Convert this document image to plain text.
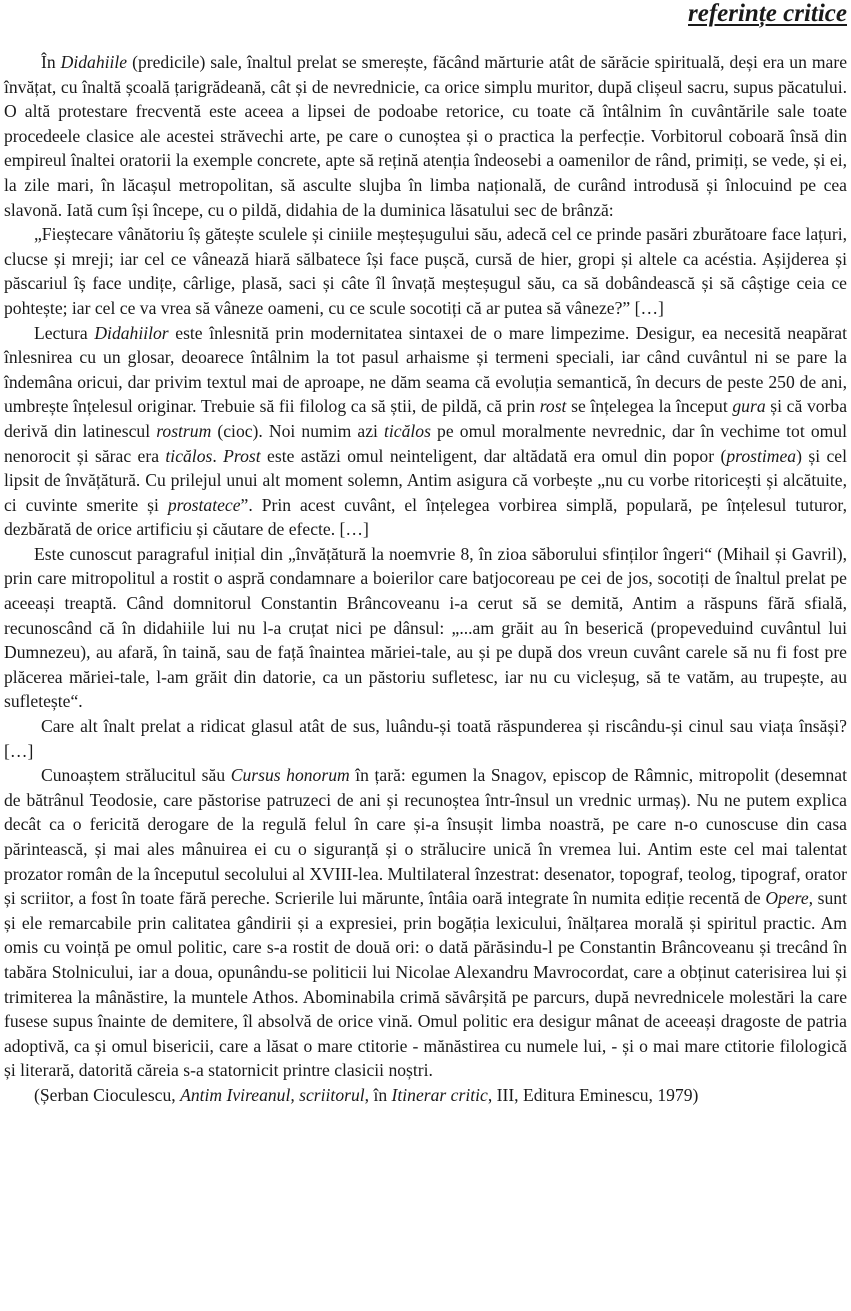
referințe critice

În Didahiile (predicile) sale, înaltul prelat se smerește, făcând mărturie atât de sărăcie spirituală, deși era un mare învățat, cu înaltă școală țarigrădeană, cât și de nevrednicie, ca orice simplu muritor, după clișeul sacru, supus păcatului. O altă protestare frecventă este aceea a lipsei de podoabe retorice, cu toate că întâlnim în cuvântările sale toate procedeele clasice ale acestei străvechi arte, pe care o cunoștea și o practica la perfecție. Vorbitorul coboară însă din empireul înaltei oratorii la exemple concrete, apte să rețină atenția îndeosebi a oamenilor de rând, primiți, se vede, și ei, la zile mari, în lăcașul metropolitan, să asculte slujba în limba națională, de curând introdusă și înlocuind pe cea slavonă. Iată cum își începe, cu o pildă, didahia de la duminica lăsatului sec de brânză:

„Fieștecare vânătoriu îș gătește sculele și ciniile meșteșugului său, adecă cel ce prinde pasări zburătoare face lațuri, clucse și mreji; iar cel ce vânează hiară sălbatece își face pușcă, cursă de hier, gropi și altele ca acéstia. Așijderea și păscariul îș face undițe, cârlige, plasă, saci și câte îl învață meșteșugul său, ca să dobândească și să câștige ceia ce pohtește; iar cel ce va vrea să vâneze oameni, cu ce scule socotiți că ar putea să vâneze?” […]

Lectura Didahiilor este înlesnită prin modernitatea sintaxei de o mare limpezime. Desigur, ea necesită neapărat înlesnirea cu un glosar, deoarece întâlnim la tot pasul arhaisme și termeni speciali, iar când cuvântul ni se pare la îndemâna oricui, dar privim textul mai de aproape, ne dăm seama că evoluția semantică, în decurs de peste 250 de ani, umbrește înțelesul originar. Trebuie să fii filolog ca să știi, de pildă, că prin rost se înțelegea la început gura și că vorba derivă din latinescul rostrum (cioc). Noi numim azi ticălos pe omul moralmente nevrednic, dar în vechime tot omul nenorocit și sărac era ticălos. Prost este astăzi omul neinteligent, dar altădată era omul din popor (prostimea) și cel lipsit de învățătură. Cu prilejul unui alt moment solemn, Antim asigura că vorbește „nu cu vorbe ritoricești și alcătuite, ci cuvinte smerite și prostatece”. Prin acest cuvânt, el înțelegea vorbirea simplă, populară, pe înțelesul tuturor, dezbărată de orice artificiu și căutare de efecte. […]

Este cunoscut paragraful inițial din „învățătură la noemvrie 8, în zioa săborului sfinților îngeri“ (Mihail și Gavril), prin care mitropolitul a rostit o aspră condamnare a boierilor care batjocoreau pe cei de jos, socotiți de înaltul prelat pe aceeași treaptă. Când domnitorul Constantin Brâncoveanu i-a cerut să se demită, Antim a răspuns fără sfială, recunoscând că în didahiile lui nu l-a cruțat nici pe dânsul: „...am grăit au în beserică (propeveduind cuvântul lui Dumnezeu), au afară, în taină, sau de față înaintea măriei-tale, au și pe după dos vreun cuvânt carele să nu fi fost pre plăcerea măriei-tale, l-am grăit din datorie, ca un păstoriu sufletesc, iar nu cu vicleșug, să te vatăm, au trupește, au sufletește“.

Care alt înalt prelat a ridicat glasul atât de sus, luându-și toată răspunderea și riscându-și cinul sau viața însăși? […]

Cunoaștem strălucitul său Cursus honorum în țară: egumen la Snagov, episcop de Râmnic, mitropolit (desemnat de bătrânul Teodosie, care păstorise patruzeci de ani și recunoștea într-însul un vrednic urmaș). Nu ne putem explica decât ca o fericită derogare de la regulă felul în care și-a însușit limba noastră, pe care n-o cunoscuse din casa părintească, și mai ales mânuirea ei cu o siguranță și o strălucire unică în vremea lui. Antim este cel mai talentat prozator român de la începutul secolului al XVIII-lea. Multilateral înzestrat: desenator, topograf, teolog, tipograf, orator și scriitor, a fost în toate fără pereche. Scrierile lui mărunte, întâia oară integrate în numita ediție recentă de Opere, sunt și ele remarcabile prin calitatea gândirii și a expresiei, prin bogăția lexicului, înălțarea morală și spiritul practic. Am omis cu voință pe omul politic, care s-a rostit de două ori: o dată părăsindu-l pe Constantin Brâncoveanu și trecând în tabăra Stolnicului, iar a doua, opunându-se politicii lui Nicolae Alexandru Mavrocordat, care a obținut caterisirea lui și trimiterea la mânăstire, la muntele Athos. Abominabila crimă săvârșită pe parcurs, după nevrednicele molestări la care fusese supus înainte de demitere, îl absolvă de orice vină. Omul politic era desigur mânat de aceeași dragoste de patria adoptivă, ca și omul bisericii, care a lăsat o mare ctitorie - mănăstirea cu numele lui, - și o mai mare ctitorie filologică și literară, datorită căreia s-a statornicit printre clasicii noștri.

(Șerban Cioculescu, Antim Ivireanul, scriitorul, în Itinerar critic, III, Editura Eminescu, 1979)
